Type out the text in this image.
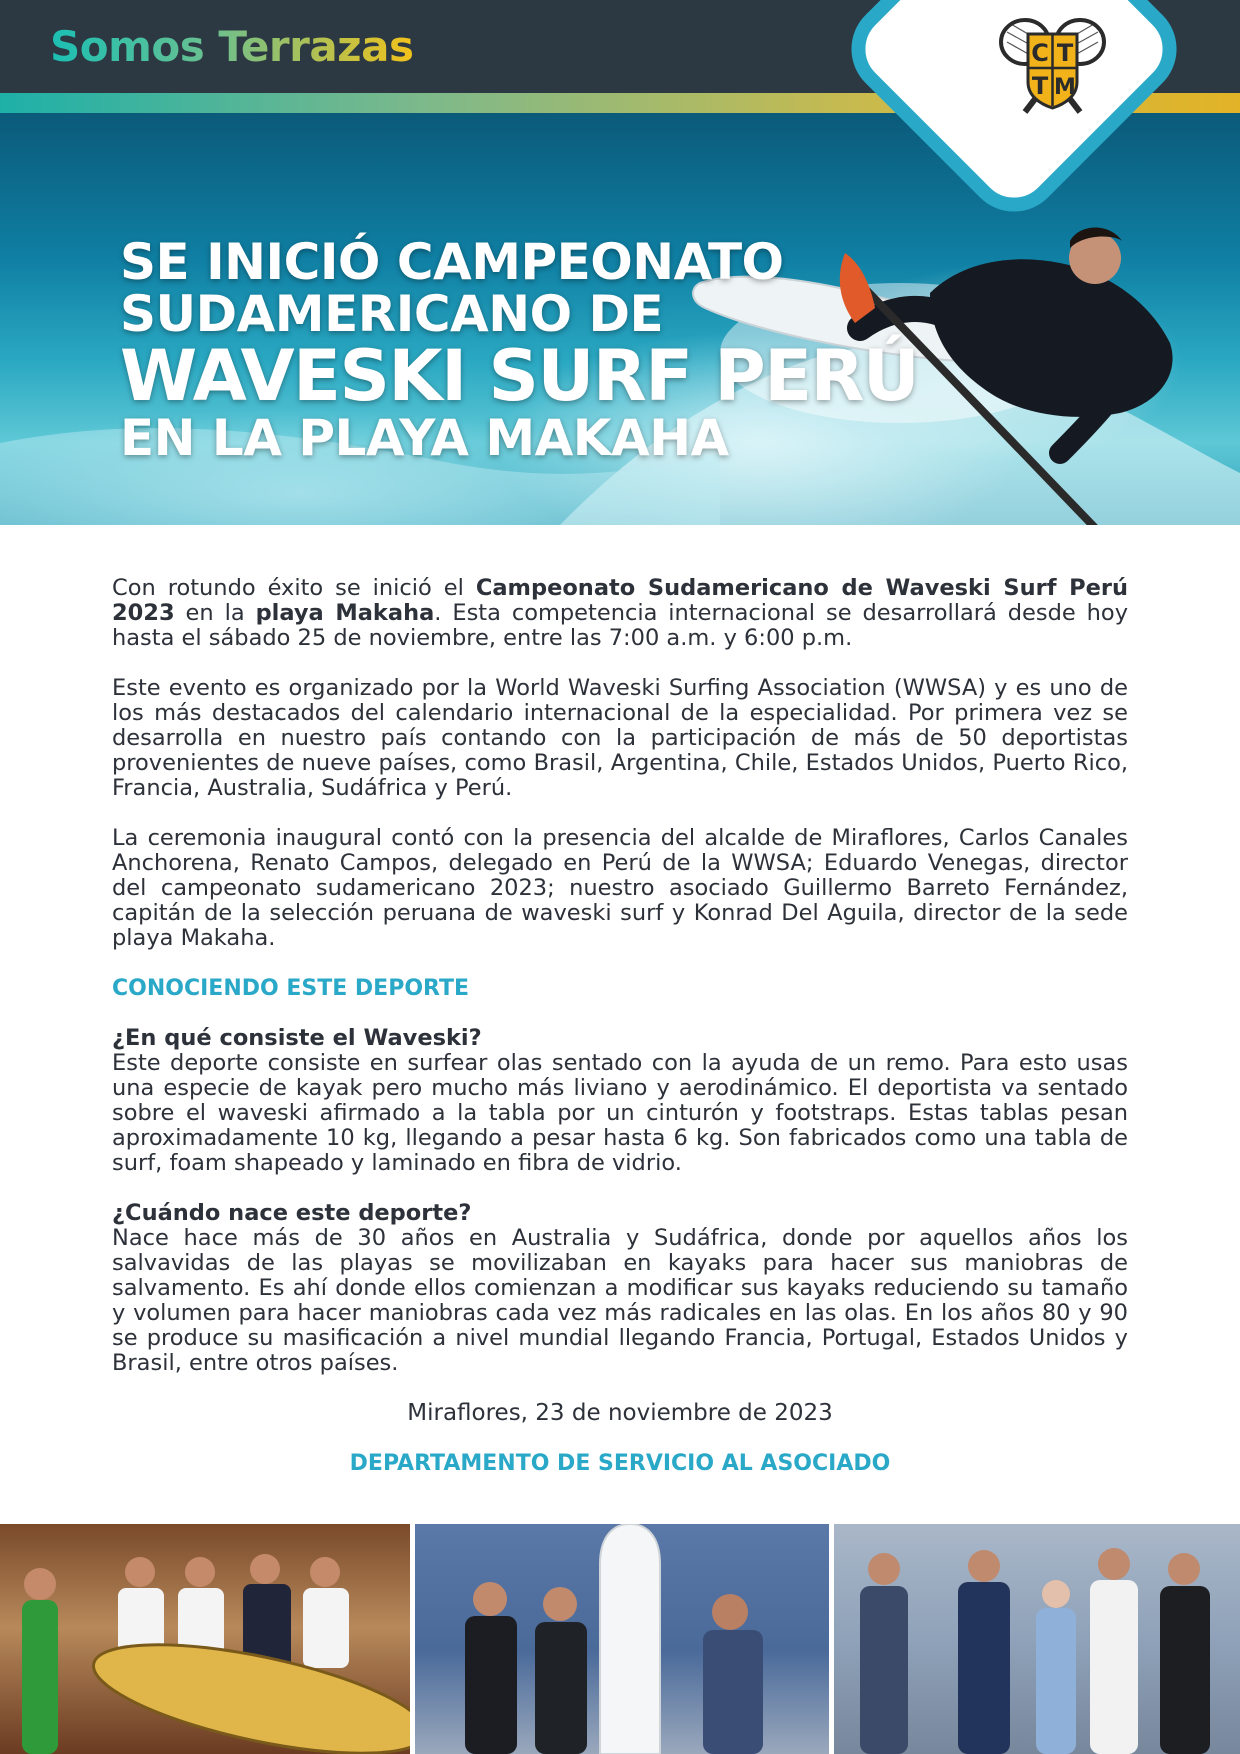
Somos Terrazas
SE INICIÓ CAMPEONATO
SUDAMERICANO DE
WAVESKI SURF PERÚ
EN LA PLAYA MAKAHA
C T
T M

Con rotundo éxito se inició el Campeonato Sudamericano de Waveski Surf Perú 2023 en la playa Makaha. Esta competencia internacional se desarrollará desde hoy hasta el sábado 25 de noviembre, entre las 7:00 a.m. y 6:00 p.m.

Este evento es organizado por la World Waveski Surfing Association (WWSA) y es uno de los más destacados del calendario internacional de la especialidad. Por primera vez se desarrolla en nuestro país contando con la participación de más de 50 deportistas provenientes de nueve países, como Brasil, Argentina, Chile, Estados Unidos, Puerto Rico, Francia, Australia, Sudáfrica y Perú.

La ceremonia inaugural contó con la presencia del alcalde de Miraflores, Carlos Canales Anchorena, Renato Campos, delegado en Perú de la WWSA; Eduardo Venegas, director del campeonato sudamericano 2023; nuestro asociado Guillermo Barreto Fernández, capitán de la selección peruana de waveski surf y Konrad Del Aguila, director de la sede playa Makaha.

CONOCIENDO ESTE DEPORTE
¿En qué consiste el Waveski?

Este deporte consiste en surfear olas sentado con la ayuda de un remo. Para esto usas una especie de kayak pero mucho más liviano y aerodinámico. El deportista va sentado sobre el waveski afirmado a la tabla por un cinturón y footstraps. Estas tablas pesan aproximadamente 10 kg, llegando a pesar hasta 6 kg. Son fabricados como una tabla de surf, foam shapeado y laminado en fibra de vidrio.

¿Cuándo nace este deporte?

Nace hace más de 30 años en Australia y Sudáfrica, donde por aquellos años los salvavidas de las playas se movilizaban en kayaks para hacer sus maniobras de salvamento. Es ahí donde ellos comienzan a modificar sus kayaks reduciendo su tamaño y volumen para hacer maniobras cada vez más radicales en las olas. En los años 80 y 90 se produce su masificación a nivel mundial llegando Francia, Portugal, Estados Unidos y Brasil, entre otros países.

Miraflores, 23 de noviembre de 2023
DEPARTAMENTO DE SERVICIO AL ASOCIADO
